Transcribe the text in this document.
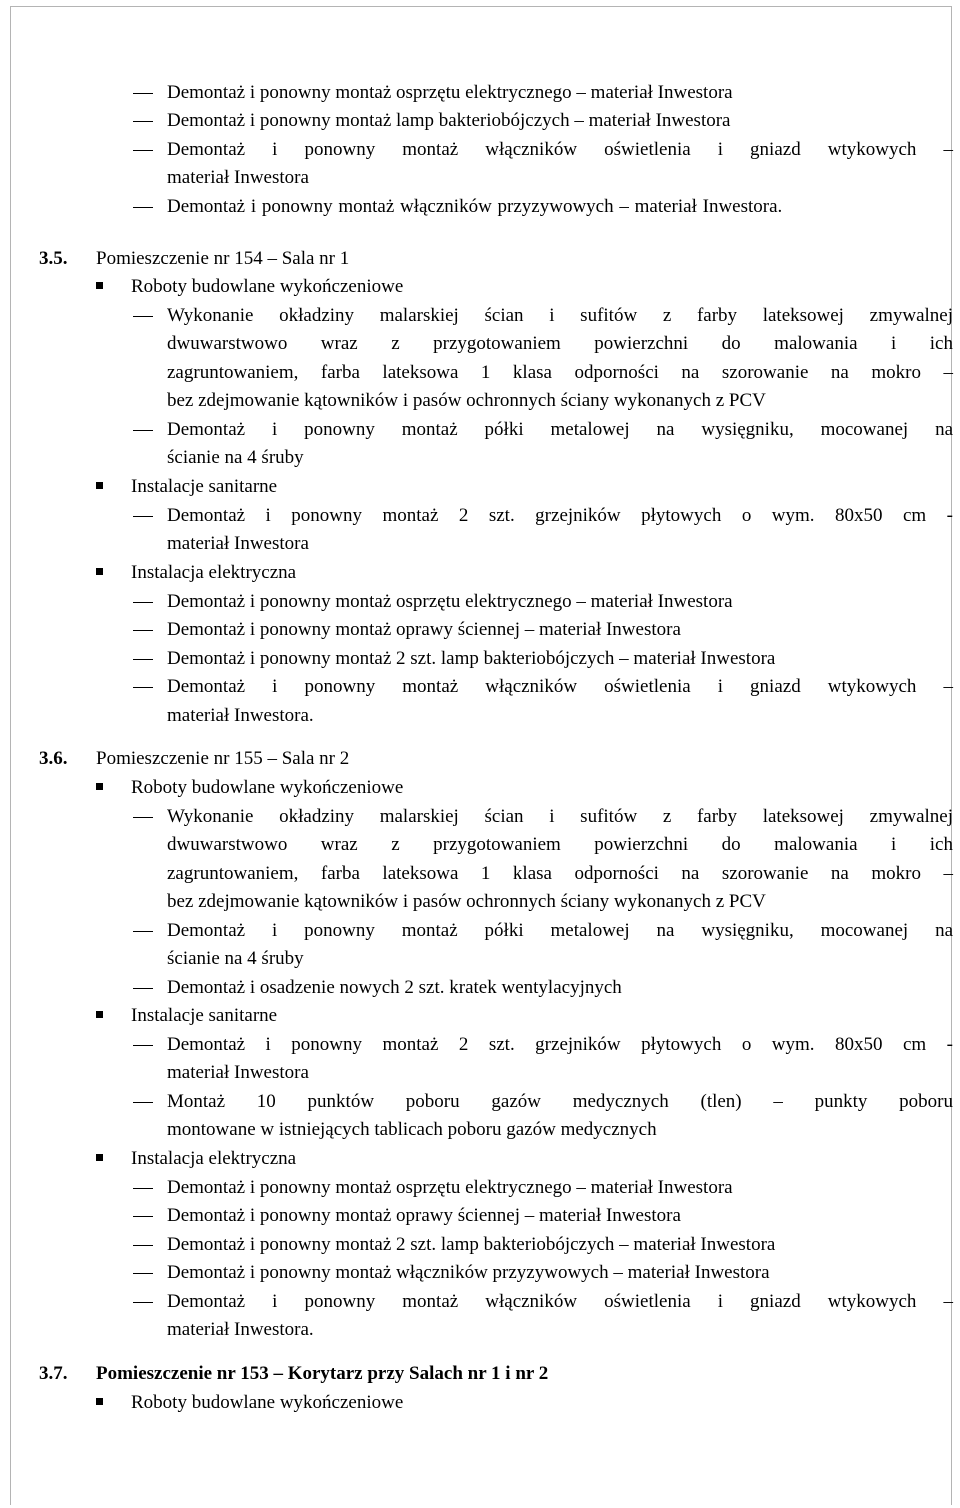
Demontaż i ponowny montaż osprzętu elektrycznego – materiał Inwestora
Demontaż i ponowny montaż lamp bakteriobójczych – materiał Inwestora
Demontaż i ponowny montaż włączników oświetlenia i gniazd wtykowych –
materiał Inwestora
Demontaż i ponowny montaż włączników przyzywowych – materiał Inwestora.
3.5. Pomieszczenie nr 154 – Sala nr 1
Roboty budowlane wykończeniowe
Wykonanie okładziny malarskiej ścian i sufitów z farby lateksowej zmywalnej
dwuwarstwowo wraz z przygotowaniem powierzchni do malowania i ich
zagruntowaniem, farba lateksowa 1 klasa odporności na szorowanie na mokro –
bez zdejmowanie kątowników i pasów ochronnych ściany wykonanych z PCV
Demontaż i ponowny montaż półki metalowej na wysięgniku, mocowanej na
ścianie na 4 śruby
Instalacje sanitarne
Demontaż i ponowny montaż 2 szt. grzejników płytowych o wym. 80x50 cm -
materiał Inwestora
Instalacja elektryczna
Demontaż i ponowny montaż osprzętu elektrycznego – materiał Inwestora
Demontaż i ponowny montaż oprawy ściennej – materiał Inwestora
Demontaż i ponowny montaż 2 szt. lamp bakteriobójczych – materiał Inwestora
Demontaż i ponowny montaż włączników oświetlenia i gniazd wtykowych –
materiał Inwestora.
3.6. Pomieszczenie nr 155 – Sala nr 2
Roboty budowlane wykończeniowe
Wykonanie okładziny malarskiej ścian i sufitów z farby lateksowej zmywalnej
dwuwarstwowo wraz z przygotowaniem powierzchni do malowania i ich
zagruntowaniem, farba lateksowa 1 klasa odporności na szorowanie na mokro –
bez zdejmowanie kątowników i pasów ochronnych ściany wykonanych z PCV
Demontaż i ponowny montaż półki metalowej na wysięgniku, mocowanej na
ścianie na 4 śruby
Demontaż i osadzenie nowych 2 szt. kratek wentylacyjnych
Instalacje sanitarne
Demontaż i ponowny montaż 2 szt. grzejników płytowych o wym. 80x50 cm -
materiał Inwestora
Montaż 10 punktów poboru gazów medycznych (tlen) – punkty poboru
montowane w istniejących tablicach poboru gazów medycznych
Instalacja elektryczna
Demontaż i ponowny montaż osprzętu elektrycznego – materiał Inwestora
Demontaż i ponowny montaż oprawy ściennej – materiał Inwestora
Demontaż i ponowny montaż 2 szt. lamp bakteriobójczych – materiał Inwestora
Demontaż i ponowny montaż włączników przyzywowych – materiał Inwestora
Demontaż i ponowny montaż włączników oświetlenia i gniazd wtykowych –
materiał Inwestora.
3.7. Pomieszczenie nr 153 – Korytarz przy Salach nr 1 i nr 2
Roboty budowlane wykończeniowe
